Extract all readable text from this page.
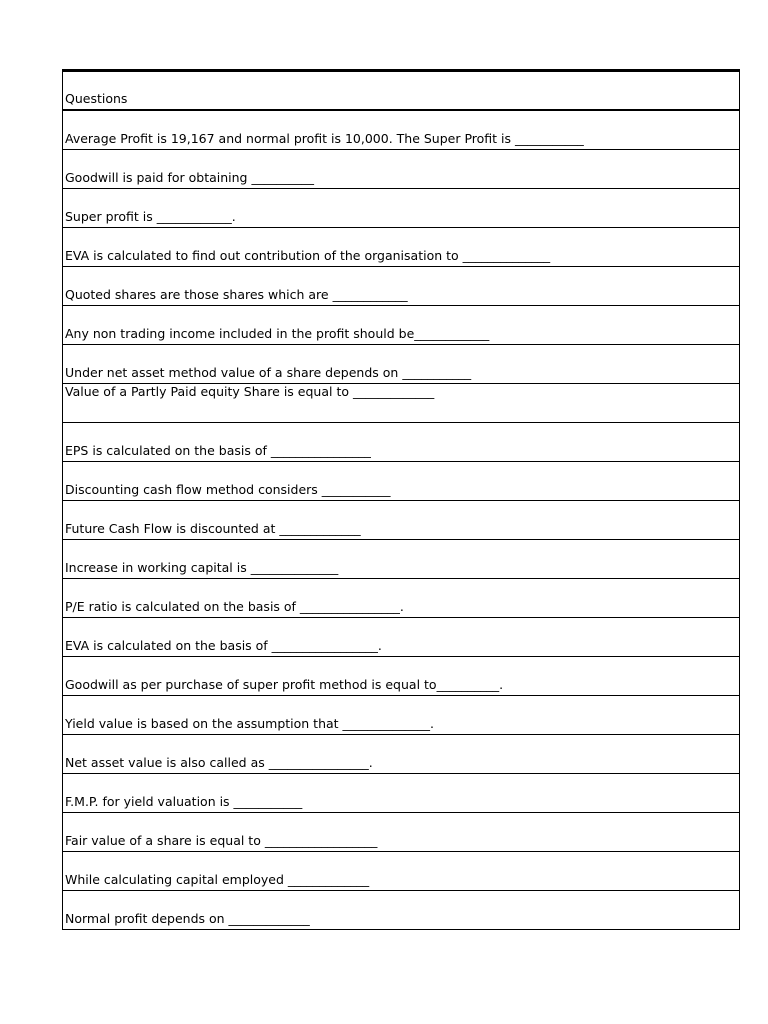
Questions
Average Profit is 19,167 and normal profit is 10,000. The Super Profit is ___________
Goodwill is paid for obtaining __________
Super profit is ____________.
EVA is calculated to find out contribution of the organisation to ______________
Quoted shares are those shares which are ____________
Any non trading income included in the profit should be____________
Under net asset method value of a share depends on ___________
Value of a Partly Paid equity Share is equal to _____________
EPS is calculated on the basis of ________________
Discounting cash flow method considers ___________
Future Cash Flow is discounted at _____________
Increase in working capital is ______________
P/E ratio is calculated on the basis of ________________.
EVA is calculated on the basis of _________________.
Goodwill as per purchase of super profit method is equal to__________.
Yield value is based on the assumption that ______________.
Net asset value is also called as ________________.
F.M.P. for yield valuation is ___________
Fair value of a share is equal to __________________
While calculating capital employed _____________
Normal profit depends on _____________
